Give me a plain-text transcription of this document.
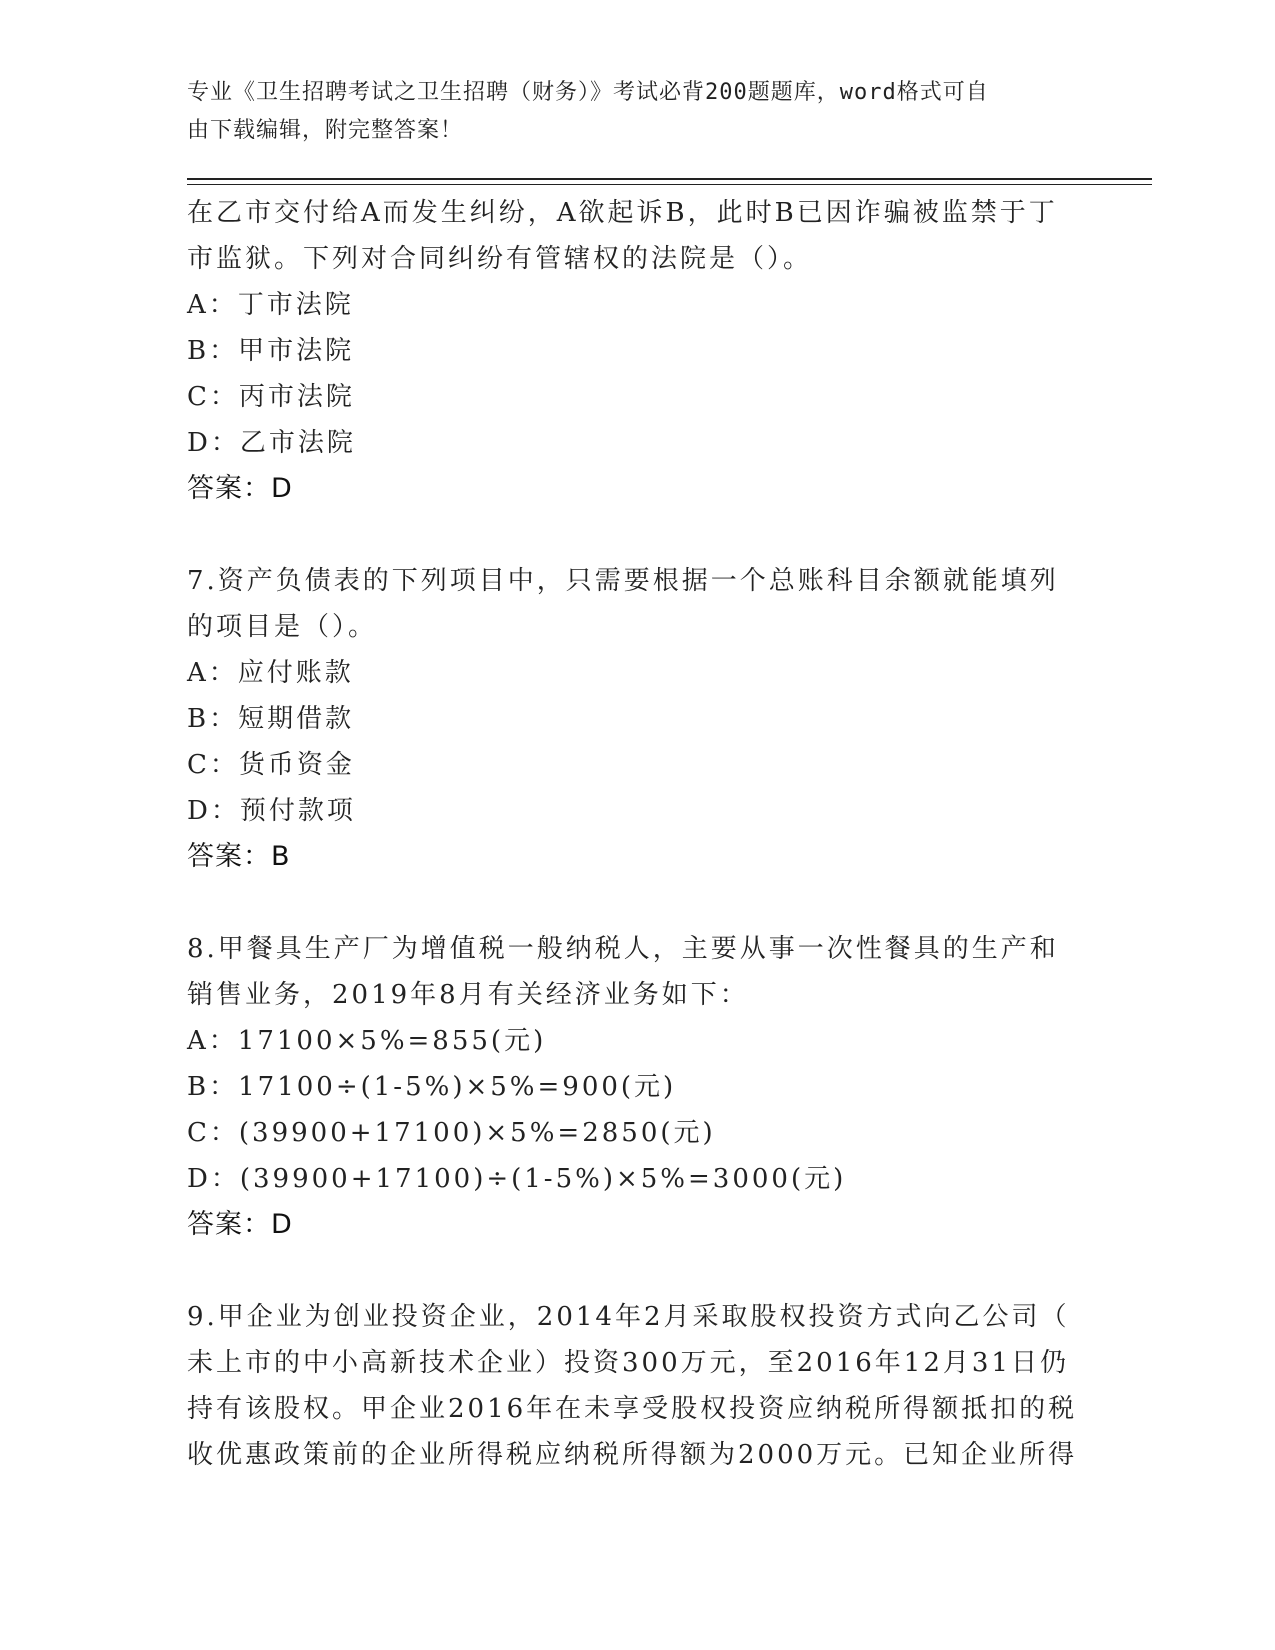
专业《卫生招聘考试之卫生招聘（财务）》考试必背200题题库，word格式可自
由下载编辑，附完整答案！
在乙市交付给A而发生纠纷，A欲起诉B，此时B已因诈骗被监禁于丁
市监狱。下列对合同纠纷有管辖权的法院是（）。
A：丁市法院
B：甲市法院
C：丙市法院
D：乙市法院
答案：D
7.资产负债表的下列项目中，只需要根据一个总账科目余额就能填列
的项目是（）。
A：应付账款
B：短期借款
C：货币资金
D：预付款项
答案：B
8.甲餐具生产厂为增值税一般纳税人，主要从事一次性餐具的生产和
销售业务，2019年8月有关经济业务如下：
A：17100×5%=855(元)
B：17100÷(1-5%)×5%=900(元)
C：(39900+17100)×5%=2850(元)
D：(39900+17100)÷(1-5%)×5%=3000(元)
答案：D
9.甲企业为创业投资企业，2014年2月采取股权投资方式向乙公司（
未上市的中小高新技术企业）投资300万元，至2016年12月31日仍
持有该股权。甲企业2016年在未享受股权投资应纳税所得额抵扣的税
收优惠政策前的企业所得税应纳税所得额为2000万元。已知企业所得
